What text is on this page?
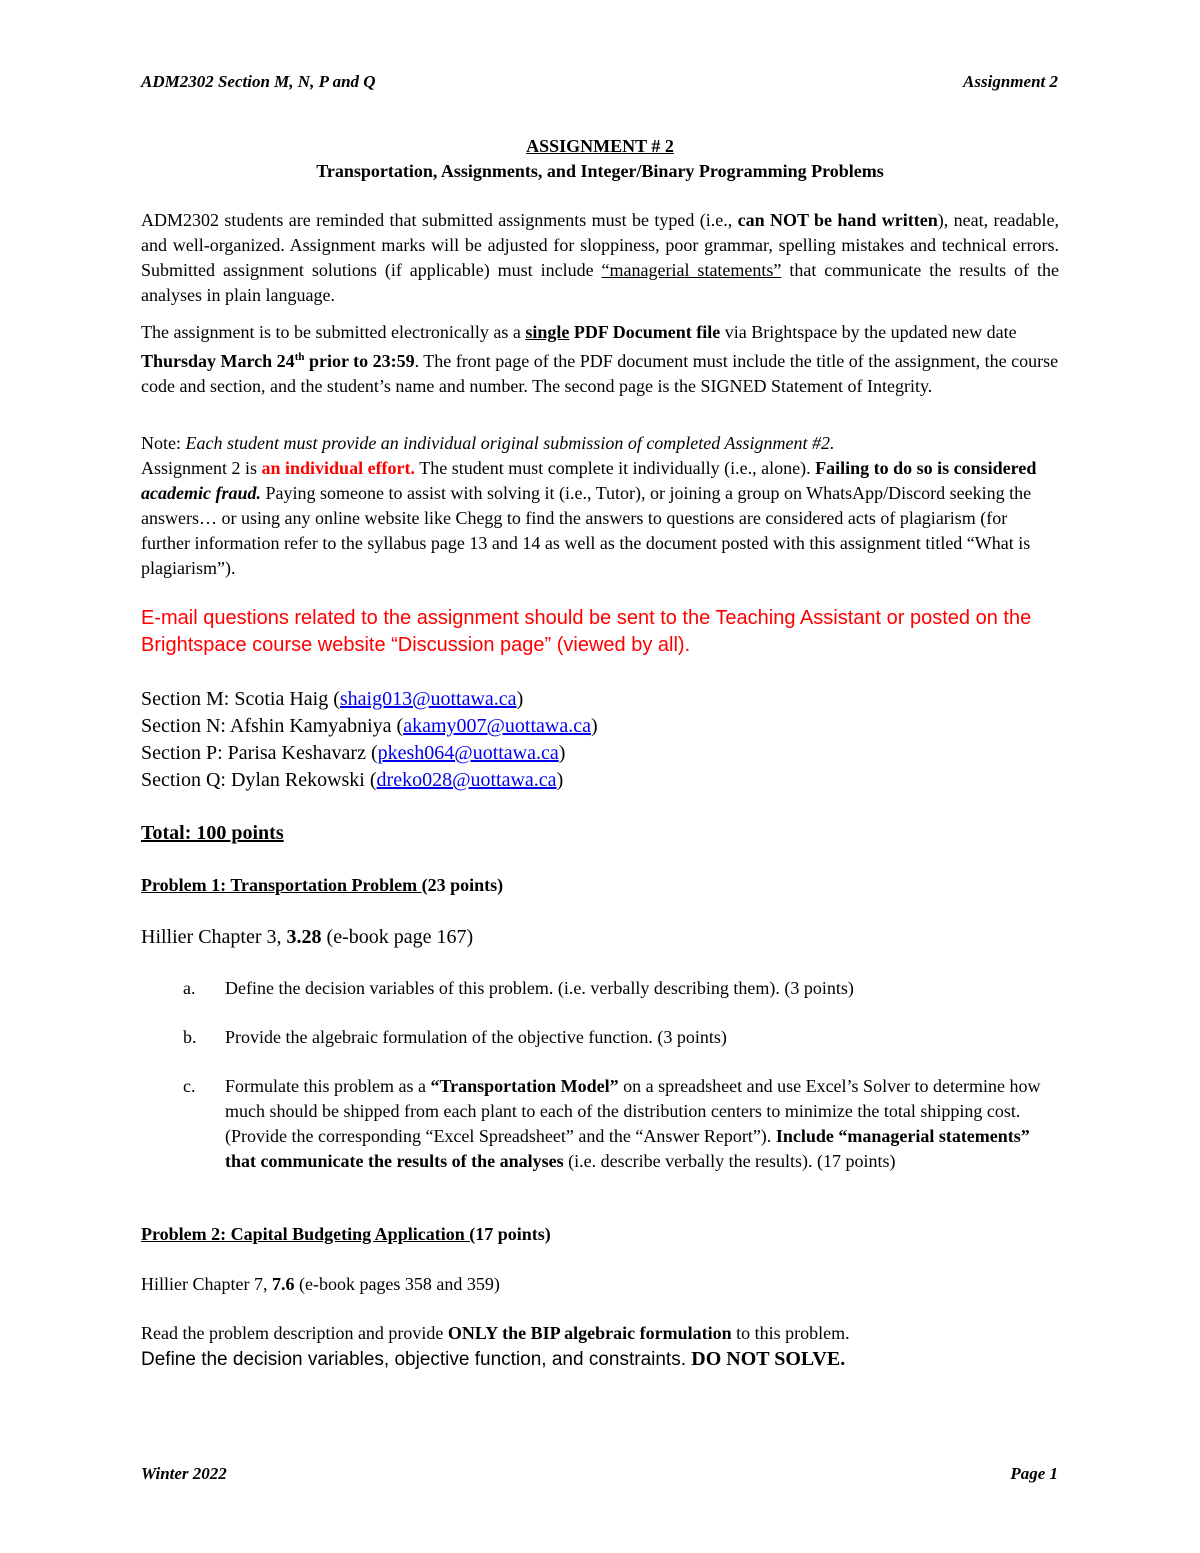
ADM2302 Section M, N, P and Q	Assignment 2
ASSIGNMENT # 2
Transportation, Assignments, and Integer/Binary Programming Problems
ADM2302 students are reminded that submitted assignments must be typed (i.e., can NOT be hand written), neat, readable, and well-organized. Assignment marks will be adjusted for sloppiness, poor grammar, spelling mistakes and technical errors. Submitted assignment solutions (if applicable) must include “managerial statements” that communicate the results of the analyses in plain language.
The assignment is to be submitted electronically as a single PDF Document file via Brightspace by the updated new date Thursday March 24th prior to 23:59. The front page of the PDF document must include the title of the assignment, the course code and section, and the student’s name and number. The second page is the SIGNED Statement of Integrity.
Note: Each student must provide an individual original submission of completed Assignment #2.
Assignment 2 is an individual effort. The student must complete it individually (i.e., alone). Failing to do so is considered academic fraud. Paying someone to assist with solving it (i.e., Tutor), or joining a group on WhatsApp/Discord seeking the answers… or using any online website like Chegg to find the answers to questions are considered acts of plagiarism (for further information refer to the syllabus page 13 and 14 as well as the document posted with this assignment titled “What is plagiarism”).
E-mail questions related to the assignment should be sent to the Teaching Assistant or posted on the Brightspace course website “Discussion page” (viewed by all).
Section M: Scotia Haig (shaig013@uottawa.ca)
Section N: Afshin Kamyabniya (akamy007@uottawa.ca)
Section P: Parisa Keshavarz (pkesh064@uottawa.ca)
Section Q: Dylan Rekowski (dreko028@uottawa.ca)
Total: 100 points
Problem 1: Transportation Problem (23 points)
Hillier Chapter 3, 3.28 (e-book page 167)
a. Define the decision variables of this problem. (i.e. verbally describing them). (3 points)
b. Provide the algebraic formulation of the objective function. (3 points)
c. Formulate this problem as a “Transportation Model” on a spreadsheet and use Excel’s Solver to determine how much should be shipped from each plant to each of the distribution centers to minimize the total shipping cost. (Provide the corresponding “Excel Spreadsheet” and the “Answer Report”). Include “managerial statements” that communicate the results of the analyses (i.e. describe verbally the results). (17 points)
Problem 2: Capital Budgeting Application (17 points)
Hillier Chapter 7, 7.6 (e-book pages 358 and 359)
Read the problem description and provide ONLY the BIP algebraic formulation to this problem.
Define the decision variables, objective function, and constraints. DO NOT SOLVE.
Winter 2022	Page 1
